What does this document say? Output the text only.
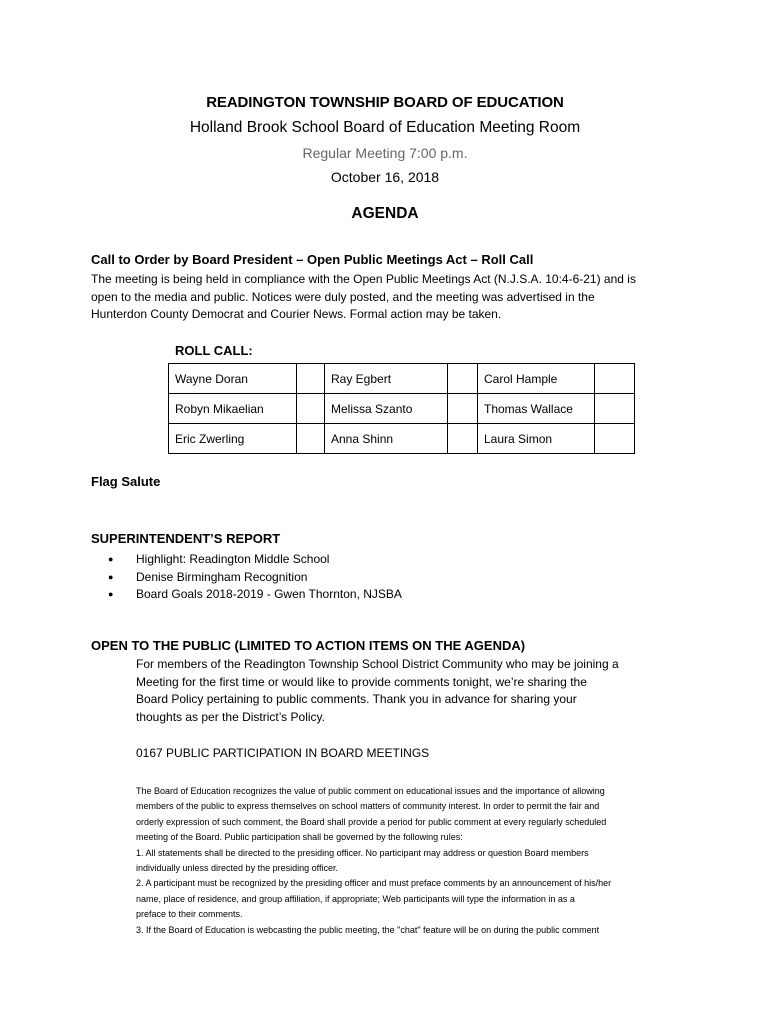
READINGTON TOWNSHIP BOARD OF EDUCATION
Holland Brook School Board of Education Meeting Room
Regular Meeting 7:00 p.m.
October 16, 2018
AGENDA
Call to Order by Board President – Open Public Meetings Act – Roll Call
The meeting is being held in compliance with the Open Public Meetings Act (N.J.S.A. 10:4-6-21) and is
open to the media and public. Notices were duly posted, and the meeting was advertised in the
Hunterdon County Democrat and Courier News. Formal action may be taken.
ROLL CALL:
Wayne Doran		Ray Egbert		Carol Hample	
Robyn Mikaelian		Melissa Szanto		Thomas Wallace	
Eric Zwerling		Anna Shinn		Laura Simon	
Flag Salute
SUPERINTENDENT’S REPORT
● Highlight: Readington Middle School
● Denise Birmingham Recognition
● Board Goals 2018-2019 - Gwen Thornton, NJSBA
OPEN TO THE PUBLIC (LIMITED TO ACTION ITEMS ON THE AGENDA)
For members of the Readington Township School District Community who may be joining a
Meeting for the first time or would like to provide comments tonight, we’re sharing the
Board Policy pertaining to public comments. Thank you in advance for sharing your
thoughts as per the District’s Policy.
0167 PUBLIC PARTICIPATION IN BOARD MEETINGS
The Board of Education recognizes the value of public comment on educational issues and the importance of allowing
members of the public to express themselves on school matters of community interest. In order to permit the fair and
orderly expression of such comment, the Board shall provide a period for public comment at every regularly scheduled
meeting of the Board. Public participation shall be governed by the following rules:
1. All statements shall be directed to the presiding officer. No participant may address or question Board members
individually unless directed by the presiding officer.
2. A participant must be recognized by the presiding officer and must preface comments by an announcement of his/her
name, place of residence, and group affiliation, if appropriate; Web participants will type the information in as a
preface to their comments.
3. If the Board of Education is webcasting the public meeting, the "chat" feature will be on during the public comment
